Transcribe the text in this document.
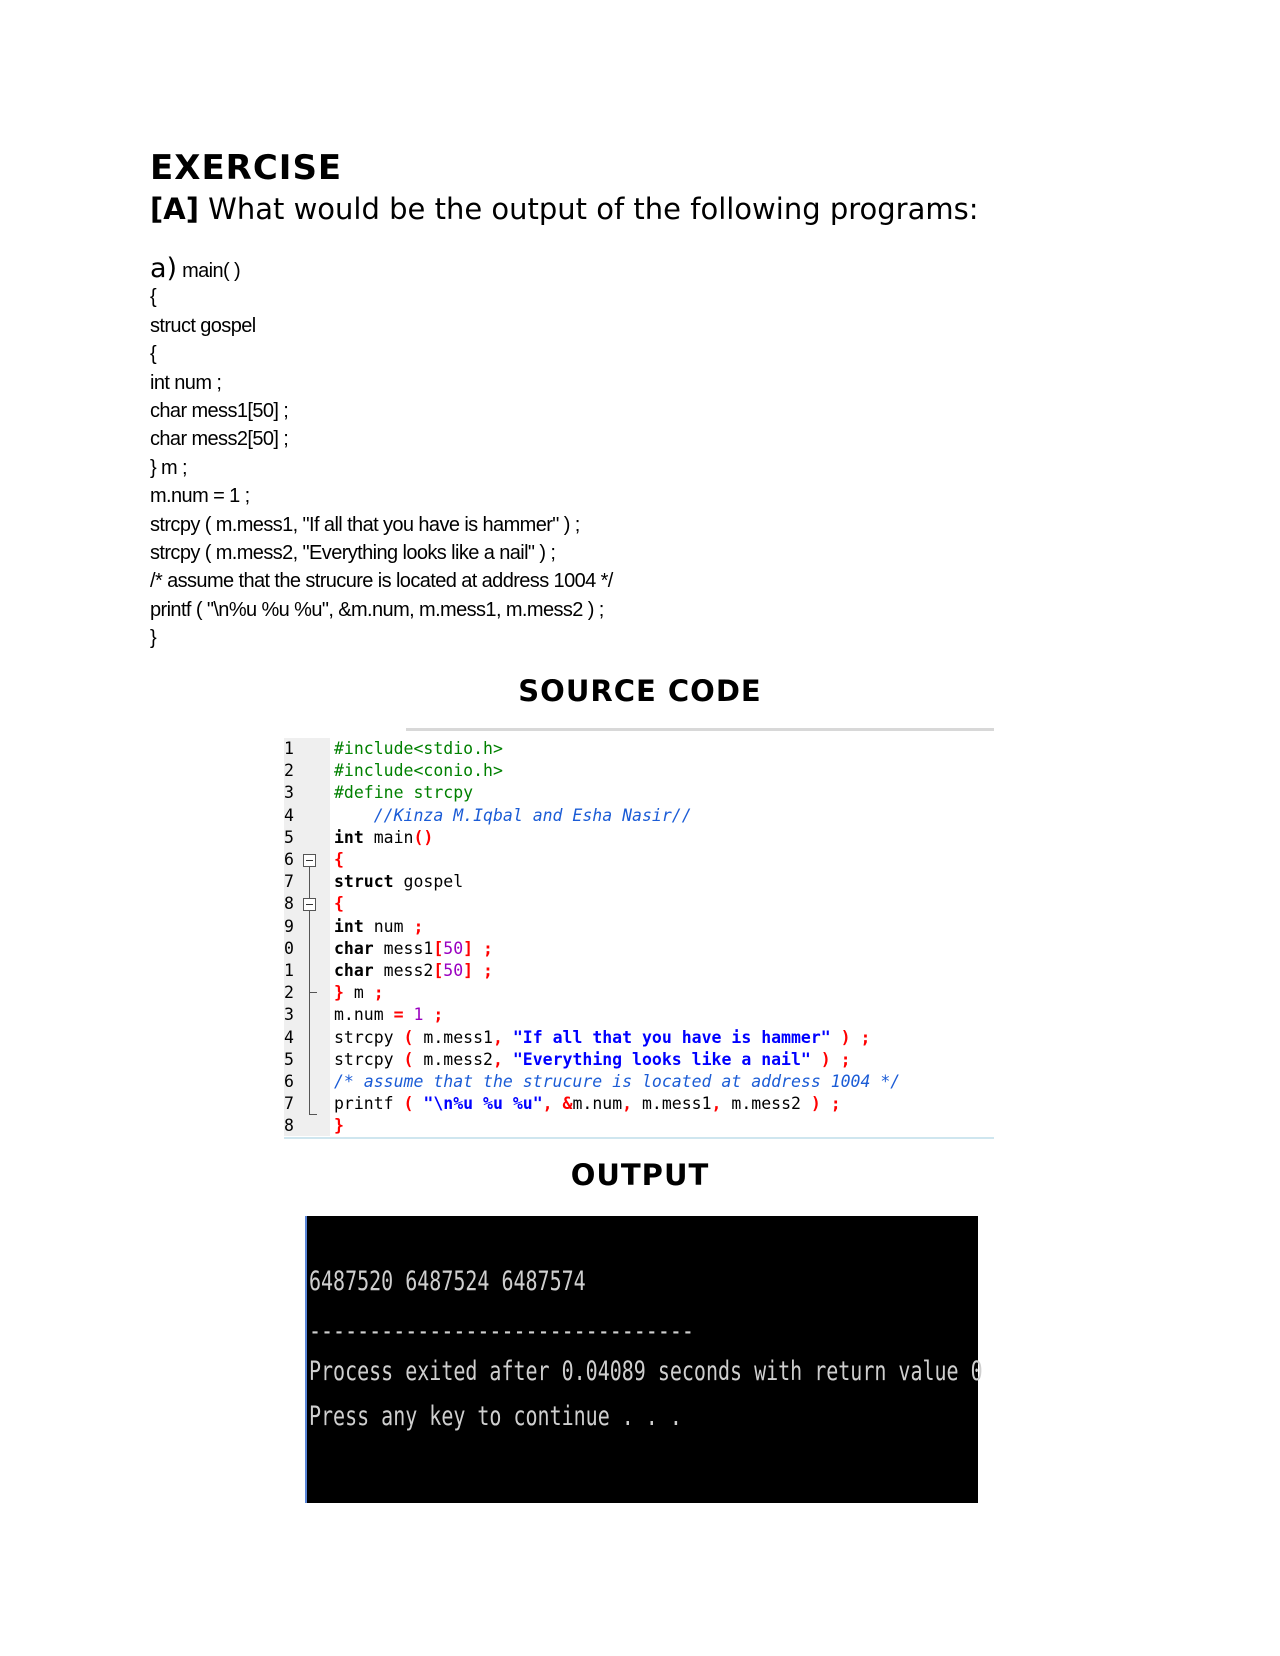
EXERCISE

[A] What would be the output of the following programs:

a) main( )
{
struct gospel
{
int num ;
char mess1[50] ;
char mess2[50] ;
} m ;
m.num = 1 ;
strcpy ( m.mess1, "If all that you have is hammer" ) ;
strcpy ( m.mess2, "Everything looks like a nail" ) ;
/* assume that the strucure is located at address 1004 */
printf ( "\n%u %u %u", &m.num, m.mess1, m.mess2 ) ;
}
SOURCE CODE
1 #include<stdio.h>
2 #include<conio.h>
3 #define strcpy
4	//Kinza M.Iqbal and Esha Nasir//
5 int main()
6 {
7 struct gospel
8 {
9 int num ;
0 char mess1[50] ;
1 char mess2[50] ;
2 } m ;
3 m.num = 1 ;
4 strcpy ( m.mess1, "If all that you have is hammer" ) ;
5 strcpy ( m.mess2, "Everything looks like a nail" ) ;
6 /* assume that the strucure is located at address 1004 */
7 printf ( "\n%u %u %u", &m.num, m.mess1, m.mess2 ) ;
8 }
OUTPUT
6487520 6487524 6487574
--------------------------------
Process exited after 0.04089 seconds with return value 0
Press any key to continue . . .
